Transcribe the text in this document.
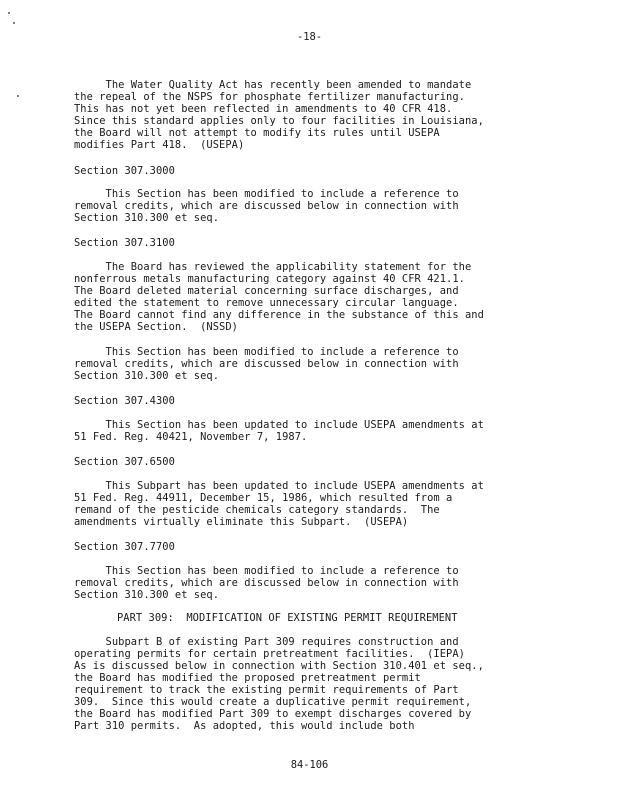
-18-
The Water Quality Act has recently been amended to mandate
the repeal of the NSPS for phosphate fertilizer manufacturing.
This has not yet been reflected in amendments to 40 CFR 418.
Since this standard applies only to four facilities in Louisiana,
the Board will not attempt to modify its rules until USEPA
modifies Part 418.  (USEPA)
Section 307.3000
This Section has been modified to include a reference to
removal credits, which are discussed below in connection with
Section 310.300 et seq.
Section 307.3100
The Board has reviewed the applicability statement for the
nonferrous metals manufacturing category against 40 CFR 421.1.
The Board deleted material concerning surface discharges, and
edited the statement to remove unnecessary circular language.
The Board cannot find any difference in the substance of this and
the USEPA Section.  (NSSD)
This Section has been modified to include a reference to
removal credits, which are discussed below in connection with
Section 310.300 et seq.
Section 307.4300
This Section has been updated to include USEPA amendments at
51 Fed. Reg. 40421, November 7, 1987.
Section 307.6500
This Subpart has been updated to include USEPA amendments at
51 Fed. Reg. 44911, December 15, 1986, which resulted from a
remand of the pesticide chemicals category standards.  The
amendments virtually eliminate this Subpart.  (USEPA)
Section 307.7700
This Section has been modified to include a reference to
removal credits, which are discussed below in connection with
Section 310.300 et seq.
PART 309:  MODIFICATION OF EXISTING PERMIT REQUIREMENT
Subpart B of existing Part 309 requires construction and
operating permits for certain pretreatment facilities.  (IEPA)
As is discussed below in connection with Section 310.401 et seq.,
the Board has modified the proposed pretreatment permit
requirement to track the existing permit requirements of Part
309.  Since this would create a duplicative permit requirement,
the Board has modified Part 309 to exempt discharges covered by
Part 310 permits.  As adopted, this would include both
84-106
